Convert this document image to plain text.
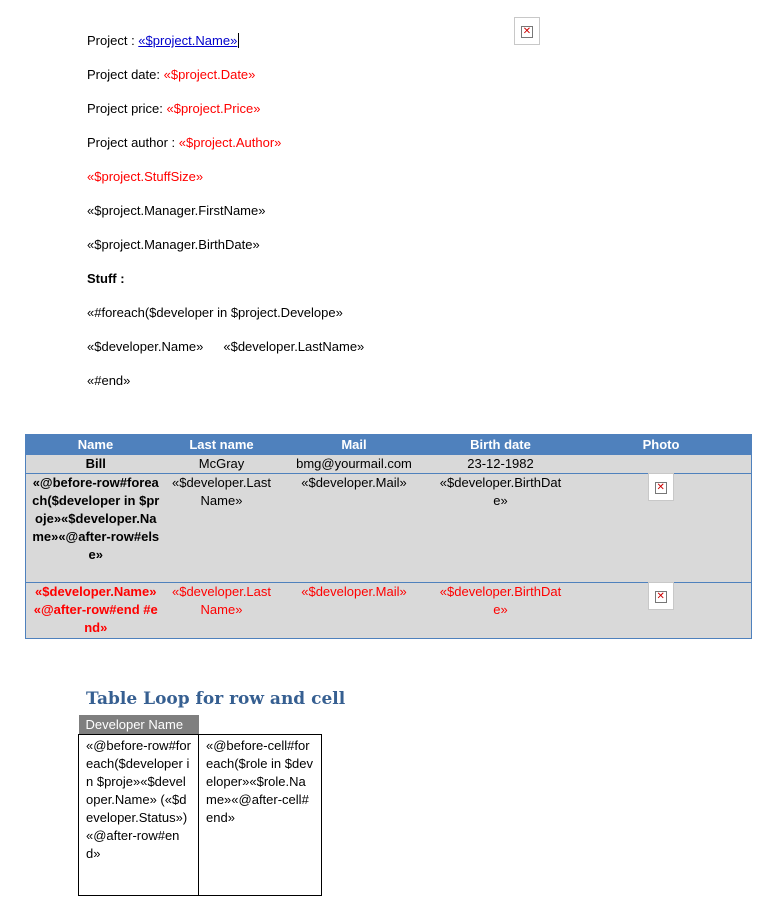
Project : «$project.Name»
✕
Project date: «$project.Date»
Project price: «$project.Price»
Project author : «$project.Author»
«$project.StuffSize»
«$project.Manager.FirstName»
«$project.Manager.BirthDate»
Stuff :
«#foreach($developer in $project.Develope»
«$developer.Name» «$developer.LastName»
«#end»
Name	Last name	Mail	Birth date	Photo
Bill	McGray	bmg@yourmail.com	23-12-1982	
«@before-row#foreach($developer in $proje»«$developer.Name»«@after-row#else»	«$developer.LastName»	«$developer.Mail»	«$developer.BirthDate»	✕

«$developer.Name» «@after-row#end #end»	«$developer.LastName»	«$developer.Mail»	«$developer.BirthDate»	✕
Table Loop for row and cell
Developer Name	
«@before-row#foreach($developer in $proje»«$developer.Name» («$developer.Status») «@after-row#end»	«@before-cell#foreach($role in $developer»«$role.Name»«@after-cell#end»
